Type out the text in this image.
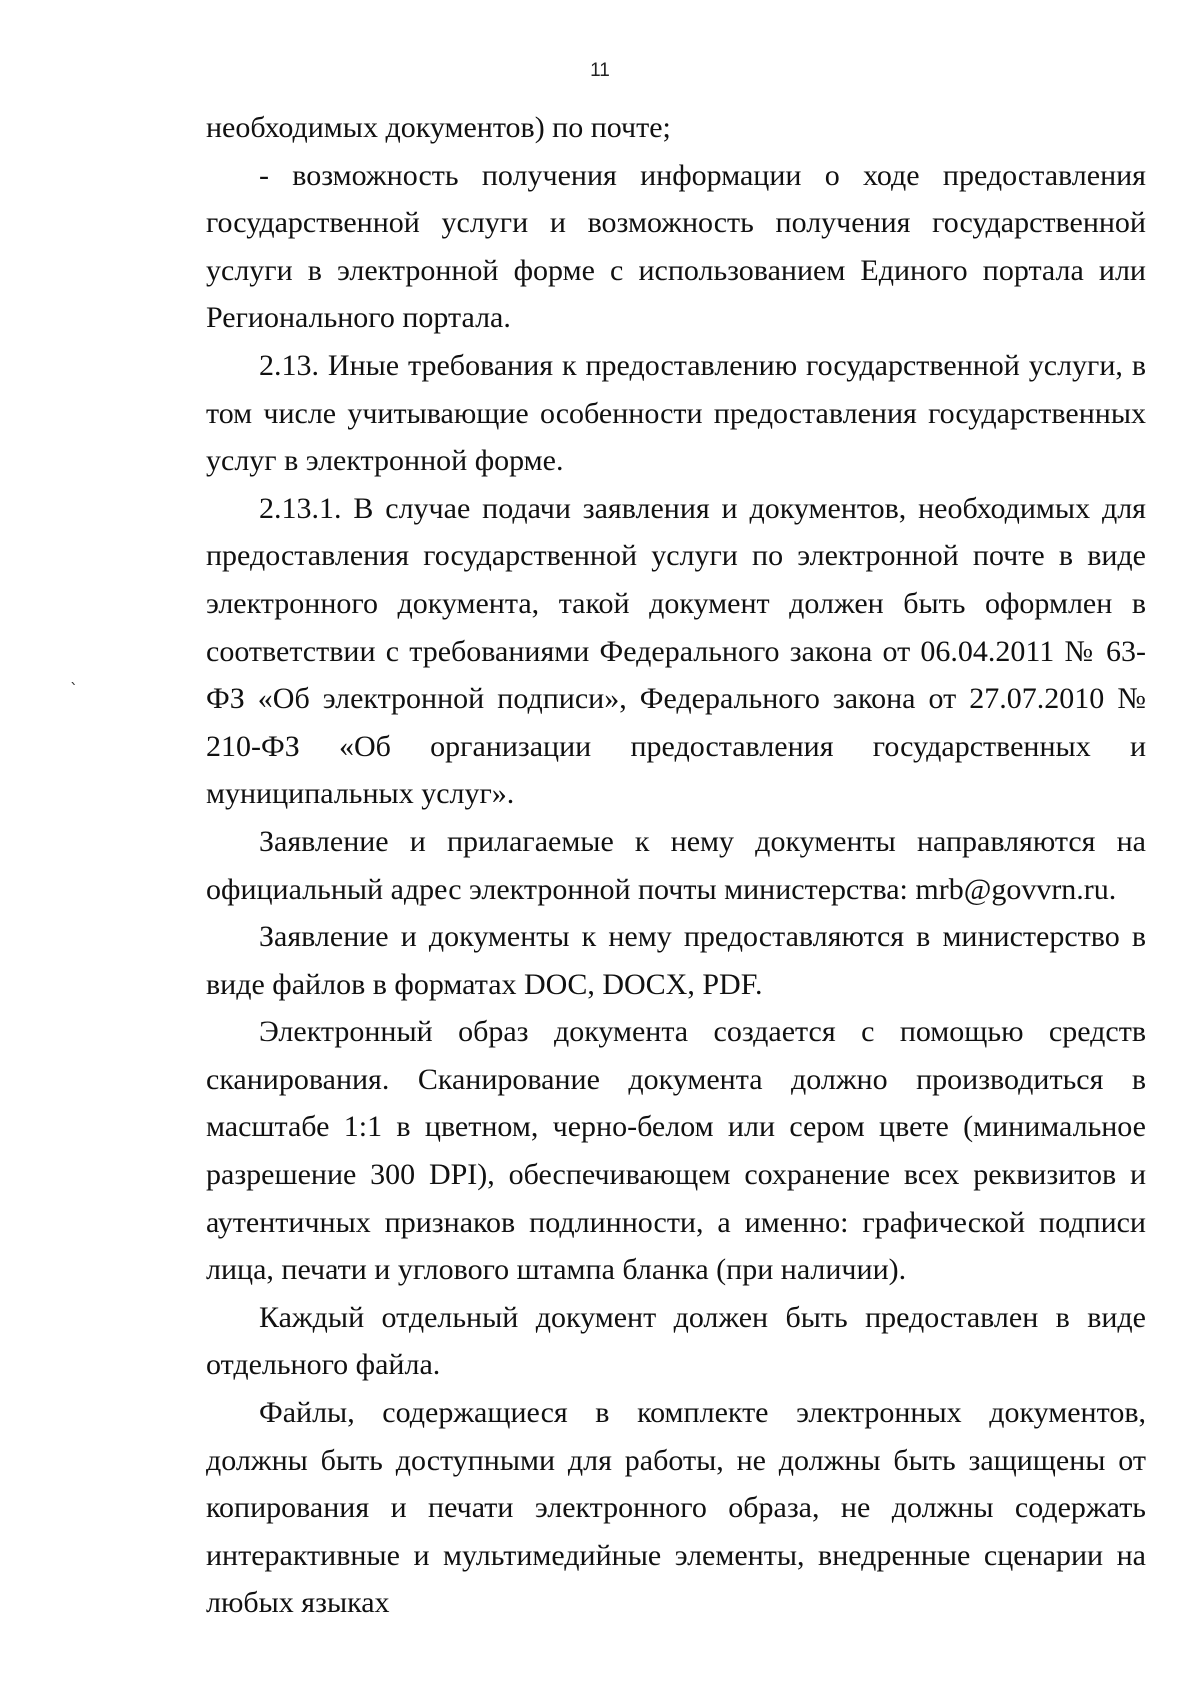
11
`

необходимых документов) по почте;

- возможность получения информации о ходе предоставления государственной услуги и возможность получения государственной услуги в электронной форме с использованием Единого портала или Регионального портала.

2.13. Иные требования к предоставлению государственной услуги, в том числе учитывающие особенности предоставления государственных услуг в электронной форме.

2.13.1. В случае подачи заявления и документов, необходимых для предоставления государственной услуги по электронной почте в виде электронного документа, такой документ должен быть оформлен в соответствии с требованиями Федерального закона от 06.04.2011 № 63-ФЗ «Об электронной подписи», Федерального закона от 27.07.2010 № 210-ФЗ «Об организации предоставления государственных и муниципальных услуг».

Заявление и прилагаемые к нему документы направляются на официальный адрес электронной почты министерства: mrb@govvrn.ru.

Заявление и документы к нему предоставляются в министерство в виде файлов в форматах DOC, DOCX, PDF.

Электронный образ документа создается с помощью средств сканирования. Сканирование документа должно производиться в масштабе 1:1 в цветном, черно-белом или сером цвете (минимальное разрешение 300 DPI), обеспечивающем сохранение всех реквизитов и аутентичных признаков подлинности, а именно: графической подписи лица, печати и углового штампа бланка (при наличии).

Каждый отдельный документ должен быть предоставлен в виде отдельного файла.

Файлы, содержащиеся в комплекте электронных документов, должны быть доступными для работы, не должны быть защищены от копирования и печати электронного образа, не должны содержать интерактивные и мультимедийные элементы, внедренные сценарии на любых языках
